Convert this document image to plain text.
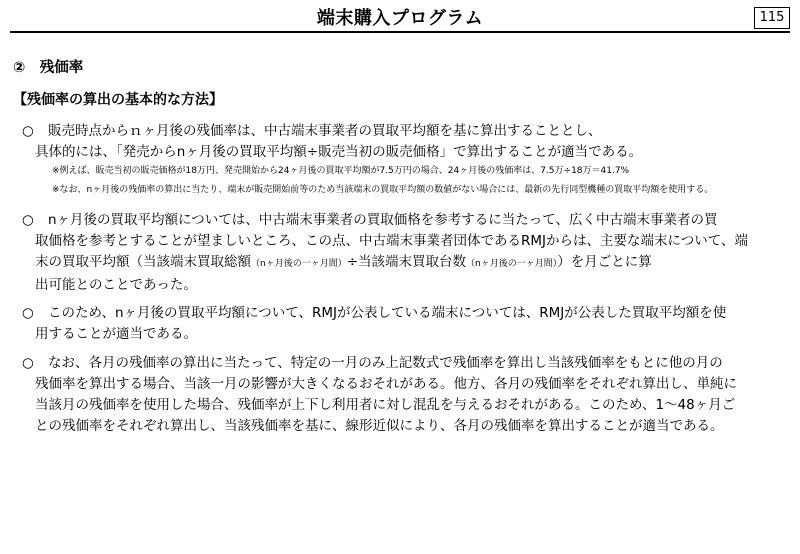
端末購入プログラム	115
②　残価率
【残価率の算出の基本的な方法】
○ 販売時点からｎヶ月後の残価率は、中古端末事業者の買取平均額を基に算出することとし、
具体的には、「発売からnヶ月後の買取平均額÷販売当初の販売価格」で算出することが適当である。
※例えば、販売当初の販売価格が18万円、発売開始から24ヶ月後の買取平均額が7.5万円の場合、24ヶ月後の残価率は、7.5万÷18万＝41.7%
※なお、nヶ月後の残価率の算出に当たり、端末が販売開始前等のため当該端末の買取平均額の数値がない場合には、最新の先行同型機種の買取平均額を使用する。
○ nヶ月後の買取平均額については、中古端末事業者の買取価格を参考するに当たって、広く中古端末事業者の買
取価格を参考とすることが望ましいところ、この点、中古端末事業者団体であるRMJからは、主要な端末について、端
末の買取平均額（当該端末買取総額（nヶ月後の一ヶ月間）÷当該端末買取台数（nヶ月後の一ヶ月間））を月ごとに算
出可能とのことであった。
○ このため、nヶ月後の買取平均額について、RMJが公表している端末については、RMJが公表した買取平均額を使
用することが適当である。
○ なお、各月の残価率の算出に当たって、特定の一月のみ上記数式で残価率を算出し当該残価率をもとに他の月の
残価率を算出する場合、当該一月の影響が大きくなるおそれがある。他方、各月の残価率をそれぞれ算出し、単純に
当該月の残価率を使用した場合、残価率が上下し利用者に対し混乱を与えるおそれがある。このため、1～48ヶ月ご
との残価率をそれぞれ算出し、当該残価率を基に、線形近似により、各月の残価率を算出することが適当である。
